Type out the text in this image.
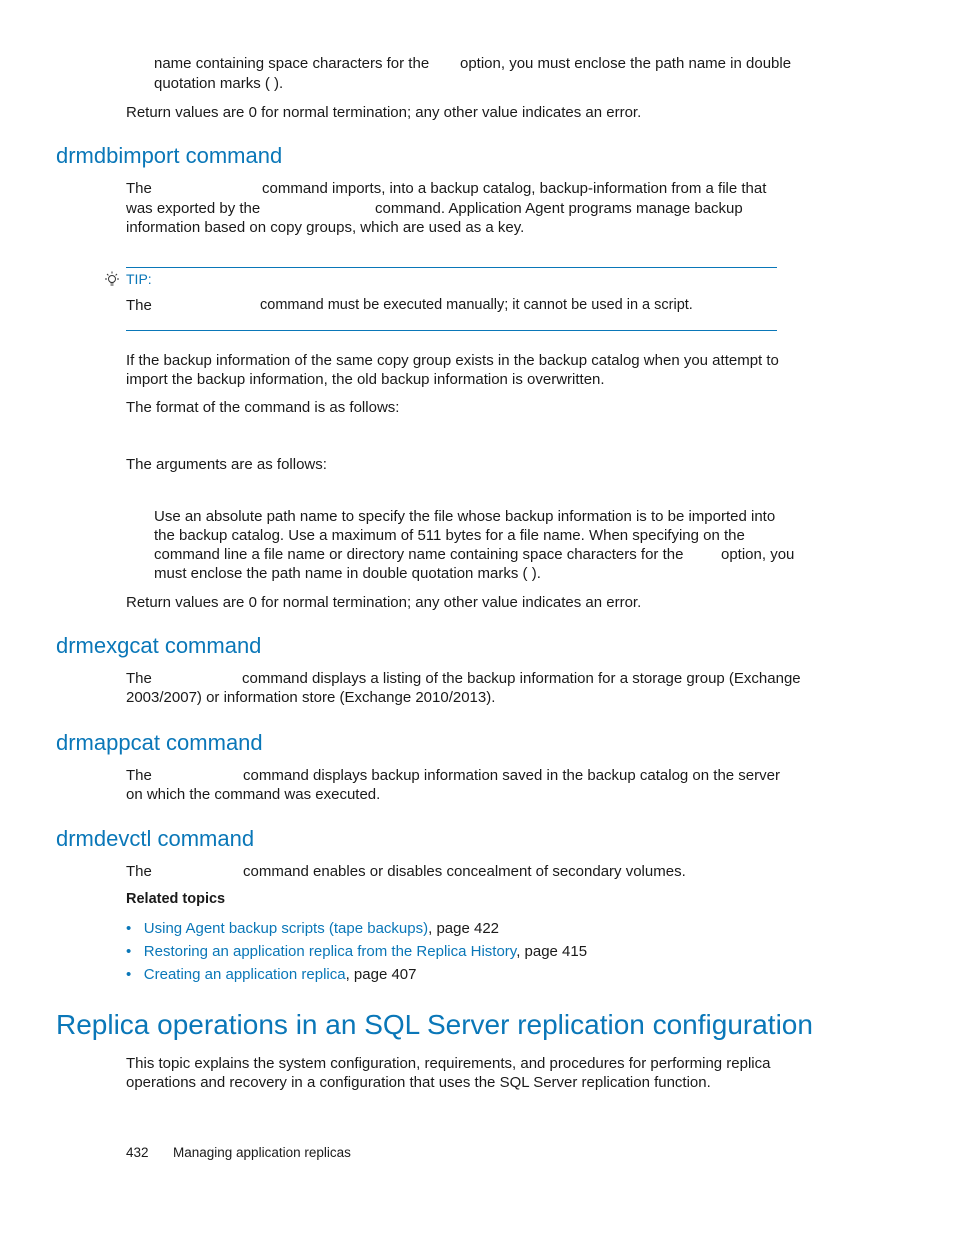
name containing space characters for the option, you must enclose the path name in double
quotation marks ( ).
Return values are 0 for normal termination; any other value indicates an error.
drmdbimport command
The	command imports, into a backup catalog, backup-information from a file that
was exported by the	command. Application Agent programs manage backup
information based on copy groups, which are used as a key.
TIP:
The	command must be executed manually; it cannot be used in a script.
If the backup information of the same copy group exists in the backup catalog when you attempt to
import the backup information, the old backup information is overwritten.
The format of the command is as follows:
The arguments are as follows:
Use an absolute path name to specify the file whose backup information is to be imported into
the backup catalog. Use a maximum of 511 bytes for a file name. When specifying on the
command line a file name or directory name containing space characters for the	option, you
must enclose the path name in double quotation marks ( ).
Return values are 0 for normal termination; any other value indicates an error.
drmexgcat command
The	command displays a listing of the backup information for a storage group (Exchange
2003/2007) or information store (Exchange 2010/2013).
drmappcat command
The	command displays backup information saved in the backup catalog on the server
on which the command was executed.
drmdevctl command
The	command enables or disables concealment of secondary volumes.
Related topics
• Using Agent backup scripts (tape backups), page 422
• Restoring an application replica from the Replica History, page 415
• Creating an application replica, page 407
Replica operations in an SQL Server replication configuration
This topic explains the system configuration, requirements, and procedures for performing replica
operations and recovery in a configuration that uses the SQL Server replication function.
432 Managing application replicas
